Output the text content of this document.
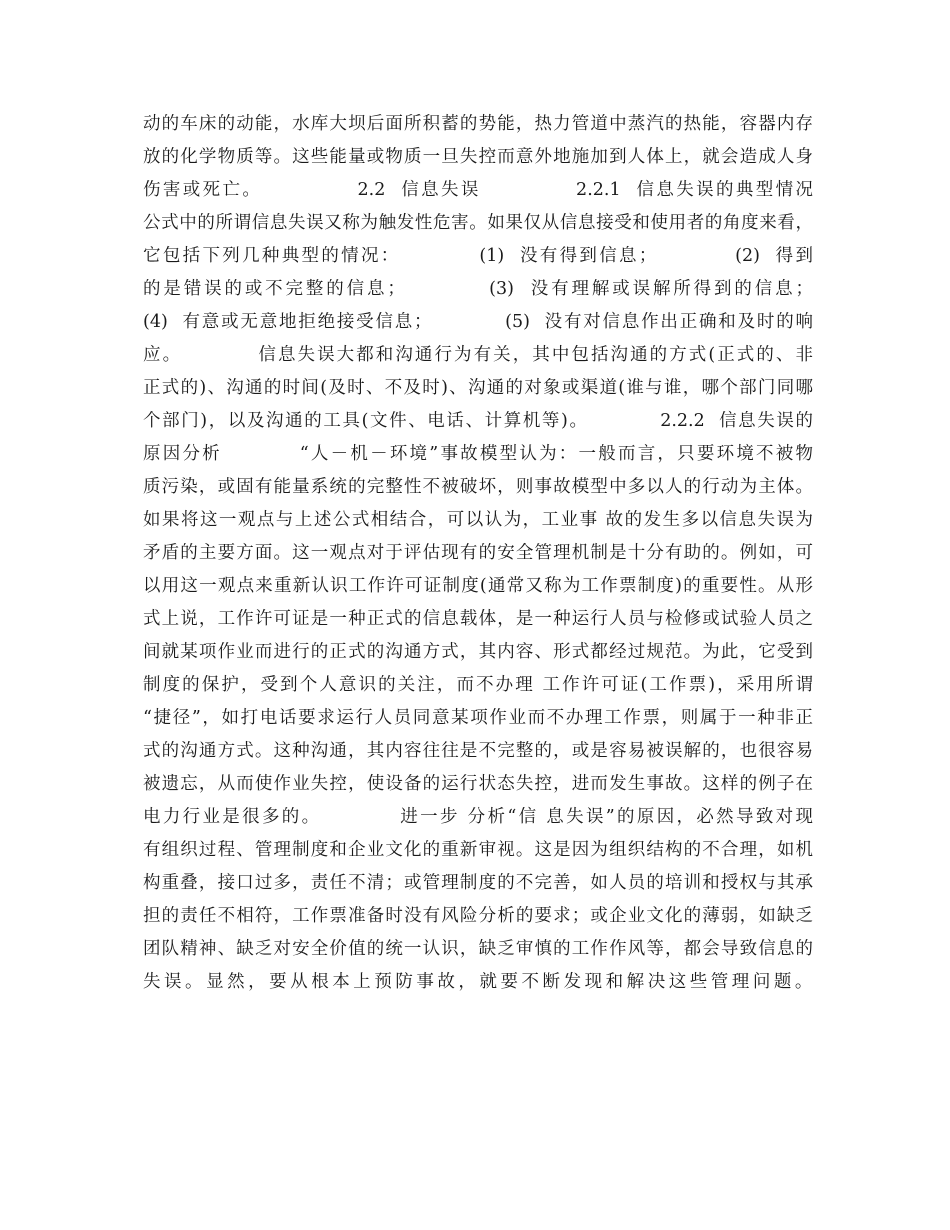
动的车床的动能，水库大坝后面所积蓄的势能，热力管道中蒸汽的热能，容器内存
放的化学物质等。这些能量或物质一旦失控而意外地施加到人体上，就会造成人身
伤害或死亡。            2.2  信息失误            2.2.1  信息失误的典型情况
公式中的所谓信息失误又称为触发性危害。如果仅从信息接受和使用者的角度来看，
它包括下列几种典型的情况：          (1)  没有得到信息；          (2)  得到
的是错误的或不完整的信息；          (3)  没有理解或误解所得到的信息；
(4)  有意或无意地拒绝接受信息；          (5)  没有对信息作出正确和及时的响
应。          信息失误大都和沟通行为有关，其中包括沟通的方式(正式的、非
正式的)、沟通的时间(及时、不及时)、沟通的对象或渠道(谁与谁，哪个部门同哪
个部门)，以及沟通的工具(文件、电话、计算机等)。          2.2.2  信息失误的
原因分析          “人－机－环境”事故模型认为：一般而言，只要环境不被物
质污染，或固有能量系统的完整性不被破坏，则事故模型中多以人的行动为主体。
如果将这一观点与上述公式相结合，可以认为，工业事 故的发生多以信息失误为
矛盾的主要方面。这一观点对于评估现有的安全管理机制是十分有助的。例如，可
以用这一观点来重新认识工作许可证制度(通常又称为工作票制度)的重要性。从形
式上说，工作许可证是一种正式的信息载体，是一种运行人员与检修或试验人员之
间就某项作业而进行的正式的沟通方式，其内容、形式都经过规范。为此，它受到
制度的保护，受到个人意识的关注，而不办理 工作许可证(工作票)，采用所谓
“捷径”，如打电话要求运行人员同意某项作业而不办理工作票，则属于一种非正
式的沟通方式。这种沟通，其内容往往是不完整的，或是容易被误解的，也很容易
被遗忘，从而使作业失控，使设备的运行状态失控，进而发生事故。这样的例子在
电力行业是很多的。          进一步 分析“信 息失误”的原因，必然导致对现
有组织过程、管理制度和企业文化的重新审视。这是因为组织结构的不合理，如机
构重叠，接口过多，责任不清；或管理制度的不完善，如人员的培训和授权与其承
担的责任不相符，工作票准备时没有风险分析的要求；或企业文化的薄弱，如缺乏
团队精神、缺乏对安全价值的统一认识，缺乏审慎的工作作风等，都会导致信息的
失误。显然，要从根本上预防事故，就要不断发现和解决这些管理问题。
